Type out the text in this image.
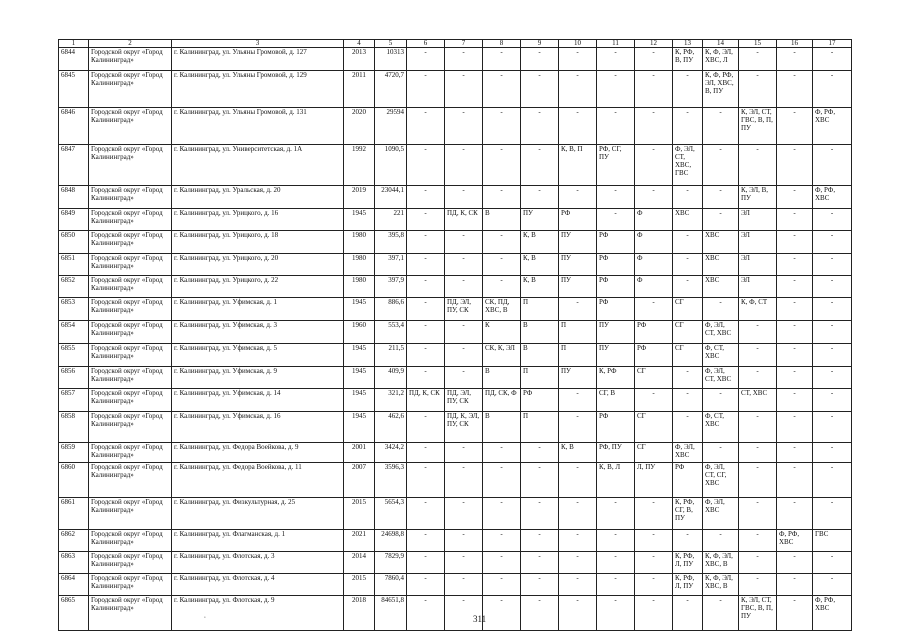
1	2	3	4	5	6	7	8	9	10	11	12	13	14	15	16	17
6844	Городской округ «Город Калининград»	г. Калининград, ул. Ульяны Громовой, д. 127	2013	10313	-	-	-	-	-	-	-	К, РФ, В, ПУ	К, Ф, ЭЛ, ХВС, Л	-	-	-
6845	Городской округ «Город Калининград»	г. Калининград, ул. Ульяны Громовой, д. 129	2011	4720,7	-	-	-	-	-	-	-	-	К, Ф, РФ, ЭЛ, ХВС, В, ПУ	-	-	-
6846	Городской округ «Город Калининград»	г. Калининград, ул. Ульяны Громовой, д. 131	2020	29594	-	-	-	-	-	-	-	-	-	К, ЭЛ, СТ, ГВС, В, П, ПУ	-	Ф, РФ, ХВС
6847	Городской округ «Город Калининград»	г. Калининград, ул. Университетская, д. 1А	1992	1090,5	-	-	-	-	К, В, П	РФ, СГ, ПУ	-	Ф, ЭЛ, СТ, ХВС, ГВС	-	-	-	-
6848	Городской округ «Город Калининград»	г. Калининград, ул. Уральская, д. 20	2019	23044,1	-	-	-	-	-	-	-	-	-	К, ЭЛ, В, ПУ	-	Ф, РФ, ХВС
6849	Городской округ «Город Калининград»	г. Калининград, ул. Урицкого, д. 16	1945	221	-	ПД, К, СК	В	ПУ	РФ	-	Ф	ХВС	-	ЭЛ	-	-
6850	Городской округ «Город Калининград»	г. Калининград, ул. Урицкого, д. 18	1980	395,8	-	-	-	К, В	ПУ	РФ	Ф	-	ХВС	ЭЛ	-	-
6851	Городской округ «Город Калининград»	г. Калининград, ул. Урицкого, д. 20	1980	397,1	-	-	-	К, В	ПУ	РФ	Ф	-	ХВС	ЭЛ	-	-
6852	Городской округ «Город Калининград»	г. Калининград, ул. Урицкого, д. 22	1980	397,9	-	-	-	К, В	ПУ	РФ	Ф	-	ХВС	ЭЛ	-	-
6853	Городской округ «Город Калининград»	г. Калининград, ул. Уфимская, д. 1	1945	886,6	-	ПД, ЭЛ, ПУ, СК	СК, ПД, ХВС, В	П	-	РФ	-	СГ	-	К, Ф, СТ	-	-
6854	Городской округ «Город Калининград»	г. Калининград, ул. Уфимская, д. 3	1960	553,4	-	-	К	В	П	ПУ	РФ	СГ	Ф, ЭЛ, СТ, ХВС	-	-	-
6855	Городской округ «Город Калининград»	г. Калининград, ул. Уфимская, д. 5	1945	211,5	-	-	СК, К, ЭЛ	В	П	ПУ	РФ	СГ	Ф, СТ, ХВС	-	-	-
6856	Городской округ «Город Калининград»	г. Калининград, ул. Уфимская, д. 9	1945	409,9	-	-	В	П	ПУ	К, РФ	СГ	-	Ф, ЭЛ, СТ, ХВС	-	-	-
6857	Городской округ «Город Калининград»	г. Калининград, ул. Уфимская, д. 14	1945	321,2	ПД, К, СК	ПД, ЭЛ, ПУ, СК	ПД, СК, Ф	РФ	-	СГ, В	-	-	-	СТ, ХВС	-	-
6858	Городской округ «Город Калининград»	г. Калининград, ул. Уфимская, д. 16	1945	462,6	-	ПД, К, ЭЛ, ПУ, СК	В	П	-	РФ	СГ	-	Ф, СТ, ХВС	-	-	-
6859	Городской округ «Город Калининград»	г. Калининград, ул. Федора Воейкова, д. 9	2001	3424,2	-	-	-	-	К, В	РФ, ПУ	СГ	Ф, ЭЛ, ХВС	-	-	-	-
6860	Городской округ «Город Калининград»	г. Калининград, ул. Федора Воейкова, д. 11	2007	3596,3	-	-	-	-	-	К, В, Л	Л, ПУ	РФ	Ф, ЭЛ, СТ, СГ, ХВС	-	-	-
6861	Городской округ «Город Калининград»	г. Калининград, ул. Физкультурная, д. 25	2015	5654,3	-	-	-	-	-	-	-	К, РФ, СГ, В, ПУ	Ф, ЭЛ, ХВС	-	-	-
6862	Городской округ «Город Калининград»	г. Калининград, ул. Флагманская, д. 1	2021	24698,8	-	-	-	-	-	-	-	-	-	-	Ф, РФ, ХВС	ГВС
6863	Городской округ «Город Калининград»	г. Калининград, ул. Флотская, д. 3	2014	7829,9	-	-	-	-	-	-	-	К, РФ, Л, ПУ	К, Ф, ЭЛ, ХВС, В	-	-	-
6864	Городской округ «Город Калининград»	г. Калининград, ул. Флотская, д. 4	2015	7860,4	-	-	-	-	-	-	-	К, РФ, Л, ПУ	К, Ф, ЭЛ, ХВС, В	-	-	-
6865	Городской округ «Город Калининград»	г. Калининград, ул. Флотская, д. 9	2018	84651,8	-	-	-	-	-	-	-	-	-	К, ЭЛ, СТ, ГВС, В, П, ПУ	-	Ф, РФ, ХВС
311
•
